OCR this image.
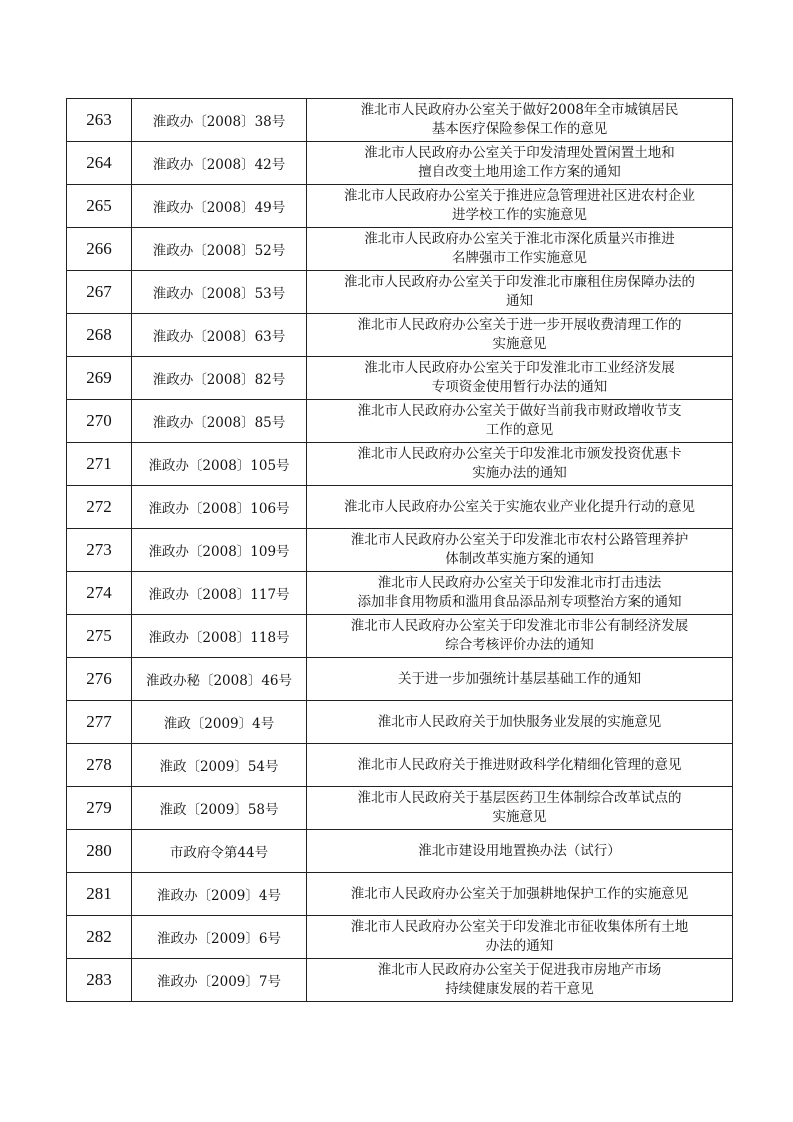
263	淮政办〔2008〕38号	淮北市人民政府办公室关于做好2008年全市城镇居民
基本医疗保险参保工作的意见

264	淮政办〔2008〕42号	淮北市人民政府办公室关于印发清理处置闲置土地和
擅自改变土地用途工作方案的通知

265	淮政办〔2008〕49号	淮北市人民政府办公室关于推进应急管理进社区进农村企业
进学校工作的实施意见

266	淮政办〔2008〕52号	淮北市人民政府办公室关于淮北市深化质量兴市推进
名牌强市工作实施意见

267	淮政办〔2008〕53号	淮北市人民政府办公室关于印发淮北市廉租住房保障办法的
通知

268	淮政办〔2008〕63号	淮北市人民政府办公室关于进一步开展收费清理工作的
实施意见

269	淮政办〔2008〕82号	淮北市人民政府办公室关于印发淮北市工业经济发展
专项资金使用暂行办法的通知

270	淮政办〔2008〕85号	淮北市人民政府办公室关于做好当前我市财政增收节支
工作的意见

271	淮政办〔2008〕105号	淮北市人民政府办公室关于印发淮北市颁发投资优惠卡
实施办法的通知

272	淮政办〔2008〕106号	淮北市人民政府办公室关于实施农业产业化提升行动的意见

273	淮政办〔2008〕109号	淮北市人民政府办公室关于印发淮北市农村公路管理养护
体制改革实施方案的通知

274	淮政办〔2008〕117号	淮北市人民政府办公室关于印发淮北市打击违法
添加非食用物质和滥用食品添品剂专项整治方案的通知

275	淮政办〔2008〕118号	淮北市人民政府办公室关于印发淮北市非公有制经济发展
综合考核评价办法的通知

276	淮政办秘〔2008〕46号	关于进一步加强统计基层基础工作的通知

277	淮政〔2009〕4号	淮北市人民政府关于加快服务业发展的实施意见

278	淮政〔2009〕54号	淮北市人民政府关于推进财政科学化精细化管理的意见

279	淮政〔2009〕58号	淮北市人民政府关于基层医药卫生体制综合改革试点的
实施意见

280	市政府令第44号	淮北市建设用地置换办法（试行）

281	淮政办〔2009〕4号	淮北市人民政府办公室关于加强耕地保护工作的实施意见

282	淮政办〔2009〕6号	淮北市人民政府办公室关于印发淮北市征收集体所有土地
办法的通知

283	淮政办〔2009〕7号	淮北市人民政府办公室关于促进我市房地产市场
持续健康发展的若干意见
